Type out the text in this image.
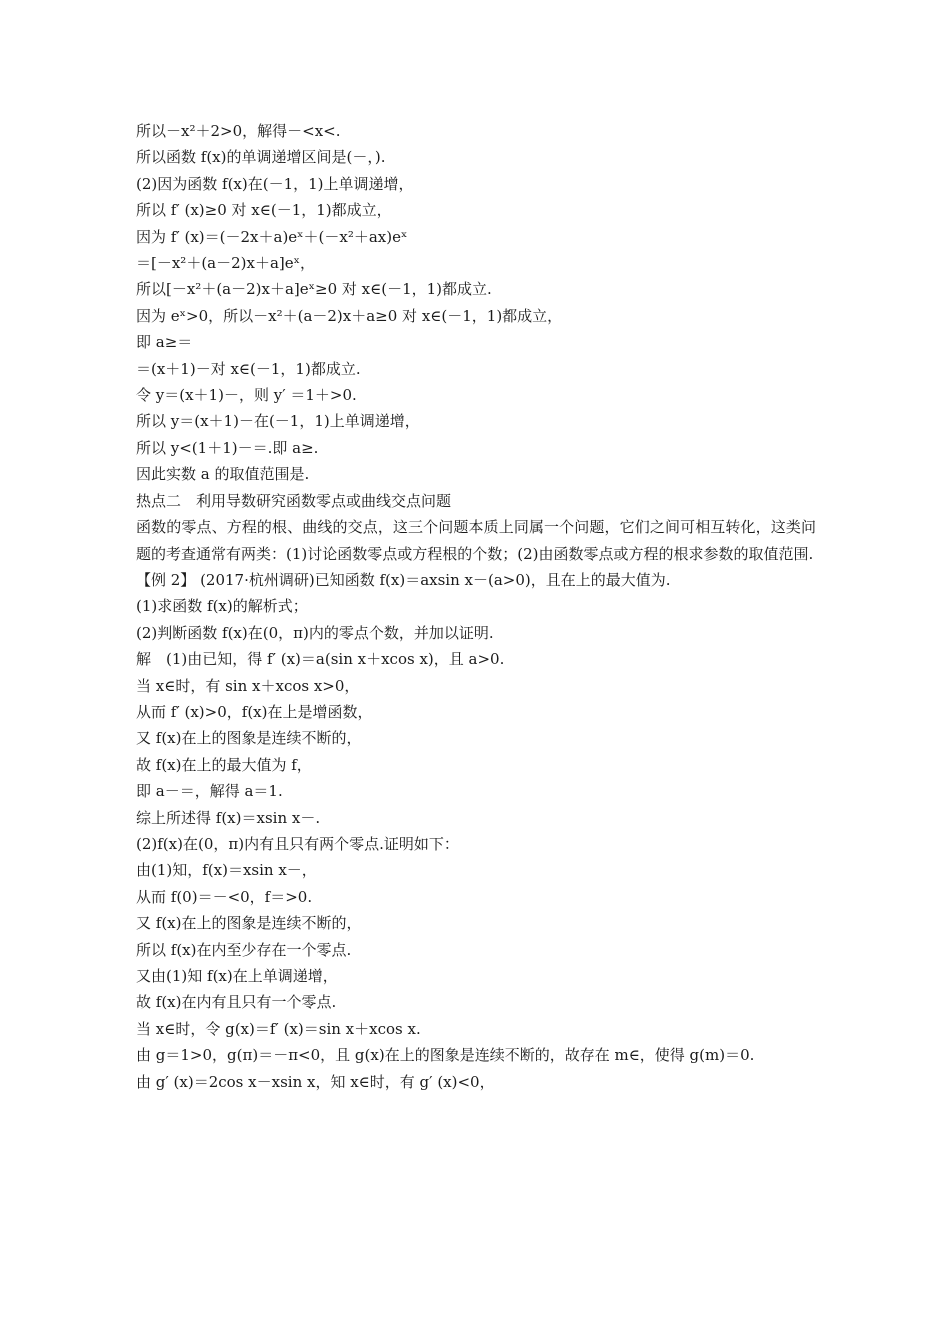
所以－x²＋2>0，解得－<x<.
所以函数 f(x)的单调递增区间是(－，).
(2)因为函数 f(x)在(－1，1)上单调递增，
所以 f′ (x)≥0 对 x∈(－1，1)都成立，
因为 f′ (x)＝(－2x＋a)eˣ＋(－x²＋ax)eˣ
＝[－x²＋(a－2)x＋a]eˣ，
所以[－x²＋(a－2)x＋a]eˣ≥0 对 x∈(－1，1)都成立.
因为 eˣ>0，所以－x²＋(a－2)x＋a≥0 对 x∈(－1，1)都成立，
即 a≥＝
＝(x＋1)－对 x∈(－1，1)都成立.
令 y＝(x＋1)－，则 y′ ＝1＋>0.
所以 y＝(x＋1)－在(－1，1)上单调递增，
所以 y<(1＋1)－＝.即 a≥.
因此实数 a 的取值范围是.
热点二　利用导数研究函数零点或曲线交点问题
函数的零点、方程的根、曲线的交点，这三个问题本质上同属一个问题，它们之间可相互转化，这类问题的考查通常有两类：(1)讨论函数零点或方程根的个数；(2)由函数零点或方程的根求参数的取值范围.
【例 2】 (2017·杭州调研)已知函数 f(x)＝axsin x－(a>0)，且在上的最大值为.
(1)求函数 f(x)的解析式；
(2)判断函数 f(x)在(0，π)内的零点个数，并加以证明.
解　(1)由已知，得 f′ (x)＝a(sin x＋xcos x)，且 a>0.
当 x∈时，有 sin x＋xcos x>0，
从而 f′ (x)>0，f(x)在上是增函数，
又 f(x)在上的图象是连续不断的，
故 f(x)在上的最大值为 f，
即 a－＝，解得 a＝1.
综上所述得 f(x)＝xsin x－.
(2)f(x)在(0，π)内有且只有两个零点.证明如下：
由(1)知，f(x)＝xsin x－，
从而 f(0)＝－<0，f＝>0.
又 f(x)在上的图象是连续不断的，
所以 f(x)在内至少存在一个零点.
又由(1)知 f(x)在上单调递增，
故 f(x)在内有且只有一个零点.
当 x∈时，令 g(x)＝f′ (x)＝sin x＋xcos x.
由 g＝1>0，g(π)＝－π<0，且 g(x)在上的图象是连续不断的，故存在 m∈，使得 g(m)＝0.
由 g′ (x)＝2cos x－xsin x，知 x∈时，有 g′ (x)<0，
